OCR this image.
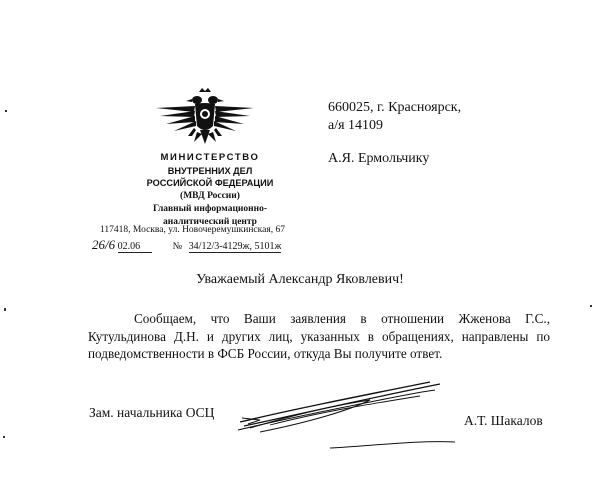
МИНИСТЕРСТВО
ВНУТРЕННИХ ДЕЛ
РОССИЙСКОЙ ФЕДЕРАЦИИ
(МВД России)
Главный информационно-
аналитический центр
117418, Москва, ул. Новочеремушкинская, 67
26/6 02.06	№ 34/12/3-4129ж, 5101ж
660025, г. Красноярск,
а/я 14109
А.Я. Ермольчику
Уважаемый Александр Яковлевич!
Сообщаем, что Ваши заявления в отношении Жженова Г.С., Кутульдинова Д.Н. и других лиц, указанных в обращениях, направлены по подведомственности в ФСБ России, откуда Вы получите ответ.
Зам. начальника ОСЦ
А.Т. Шакалов
